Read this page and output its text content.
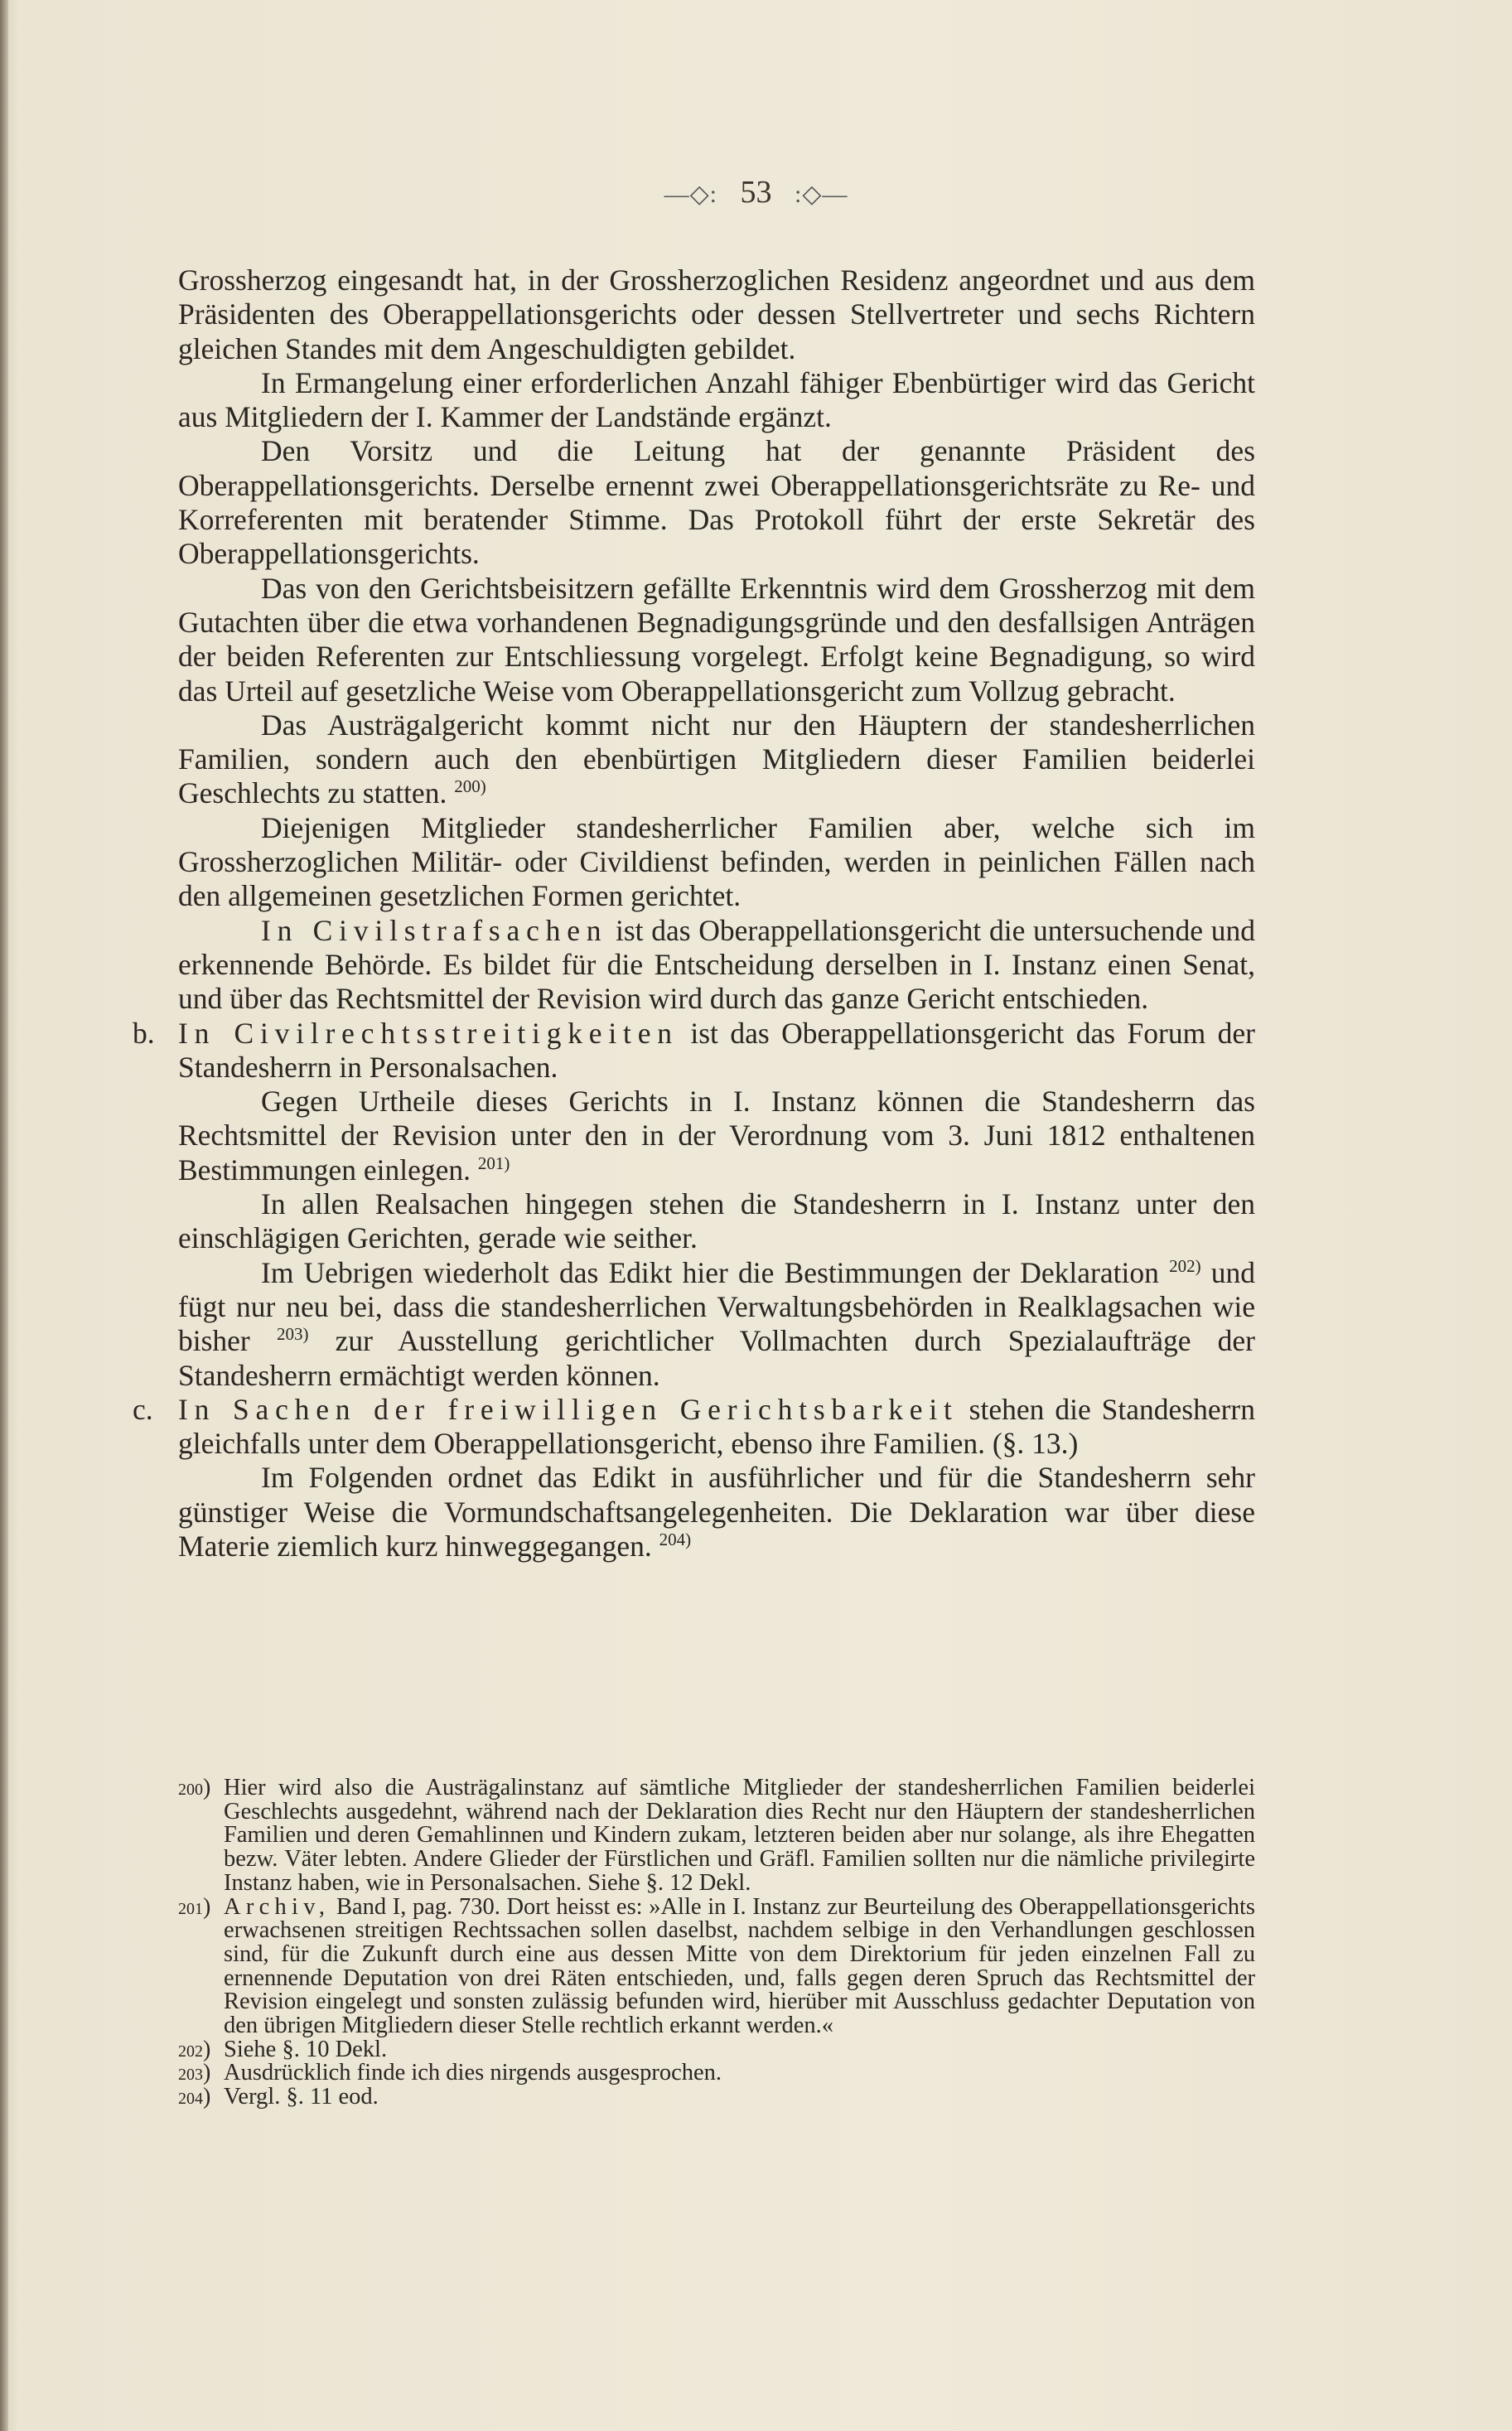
—◇: 53 :◇—

Grossherzog eingesandt hat, in der Grossherzoglichen Residenz angeordnet und aus dem Präsidenten des Oberappellationsgerichts oder dessen Stellvertreter und sechs Richtern gleichen Standes mit dem Angeschuldigten gebildet.

In Ermangelung einer erforderlichen Anzahl fähiger Ebenbürtiger wird das Gericht aus Mitgliedern der I. Kammer der Landstände ergänzt.

Den Vorsitz und die Leitung hat der genannte Präsident des Oberappellationsgerichts. Derselbe ernennt zwei Oberappellationsgerichtsräte zu Re- und Korreferenten mit beratender Stimme. Das Protokoll führt der erste Sekretär des Oberappellationsgerichts.

Das von den Gerichtsbeisitzern gefällte Erkenntnis wird dem Grossherzog mit dem Gutachten über die etwa vorhandenen Begnadigungsgründe und den desfallsigen Anträgen der beiden Referenten zur Entschliessung vorgelegt. Erfolgt keine Begnadigung, so wird das Urteil auf gesetzliche Weise vom Oberappellationsgericht zum Vollzug gebracht.

Das Austrägalgericht kommt nicht nur den Häuptern der standesherrlichen Familien, sondern auch den ebenbürtigen Mitgliedern dieser Familien beiderlei Geschlechts zu statten. $^{200)}$

Diejenigen Mitglieder standesherrlicher Familien aber, welche sich im Grossherzoglichen Militär- oder Civildienst befinden, werden in peinlichen Fällen nach den allgemeinen gesetzlichen Formen gerichtet.

In Civilstrafsachen ist das Oberappellationsgericht die untersuchende und erkennende Behörde. Es bildet für die Entscheidung derselben in I. Instanz einen Senat, und über das Rechtsmittel der Revision wird durch das ganze Gericht entschieden.

b. In Civilrechtsstreitigkeiten ist das Oberappellationsgericht das Forum der Standesherrn in Personalsachen.

Gegen Urtheile dieses Gerichts in I. Instanz können die Standesherrn das Rechtsmittel der Revision unter den in der Verordnung vom 3. Juni 1812 enthaltenen Bestimmungen einlegen. $^{201)}$

In allen Realsachen hingegen stehen die Standesherrn in I. Instanz unter den einschlägigen Gerichten, gerade wie seither.

Im Uebrigen wiederholt das Edikt hier die Bestimmungen der Deklaration $^{202)}$ und fügt nur neu bei, dass die standesherrlichen Verwaltungsbehörden in Realklagsachen wie bisher $^{203)}$ zur Ausstellung gerichtlicher Vollmachten durch Spezialaufträge der Standesherrn ermächtigt werden können.

c. In Sachen der freiwilligen Gerichtsbarkeit stehen die Standesherrn gleichfalls unter dem Oberappellationsgericht, ebenso ihre Familien. (§. 13.)

Im Folgenden ordnet das Edikt in ausführlicher und für die Standesherrn sehr günstiger Weise die Vormundschaftsangelegenheiten. Die Deklaration war über diese Materie ziemlich kurz hinweggegangen. $^{204)}$

200 ) Hier wird also die Austrägalinstanz auf sämtliche Mitglieder der standesherrlichen Familien beiderlei Geschlechts ausgedehnt, während nach der Deklaration dies Recht nur den Häuptern der standesherrlichen Familien und deren Gemahlinnen und Kindern zukam, letzteren beiden aber nur solange, als ihre Ehegatten bezw. Väter lebten. Andere Glieder der Fürstlichen und Gräfl. Familien sollten nur die nämliche privilegirte Instanz haben, wie in Personalsachen. Siehe §. 12 Dekl.

201 ) Archiv, Band I, pag. 730. Dort heisst es: »Alle in I. Instanz zur Beurteilung des Oberappellationsgerichts erwachsenen streitigen Rechtssachen sollen daselbst, nachdem selbige in den Verhandlungen geschlossen sind, für die Zukunft durch eine aus dessen Mitte von dem Direktorium für jeden einzelnen Fall zu ernennende Deputation von drei Räten entschieden, und, falls gegen deren Spruch das Rechtsmittel der Revision eingelegt und sonsten zulässig befunden wird, hierüber mit Ausschluss gedachter Deputation von den übrigen Mitgliedern dieser Stelle rechtlich erkannt werden.«

202 ) Siehe §. 10 Dekl.

203 ) Ausdrücklich finde ich dies nirgends ausgesprochen.

204 ) Vergl. §. 11 eod.
